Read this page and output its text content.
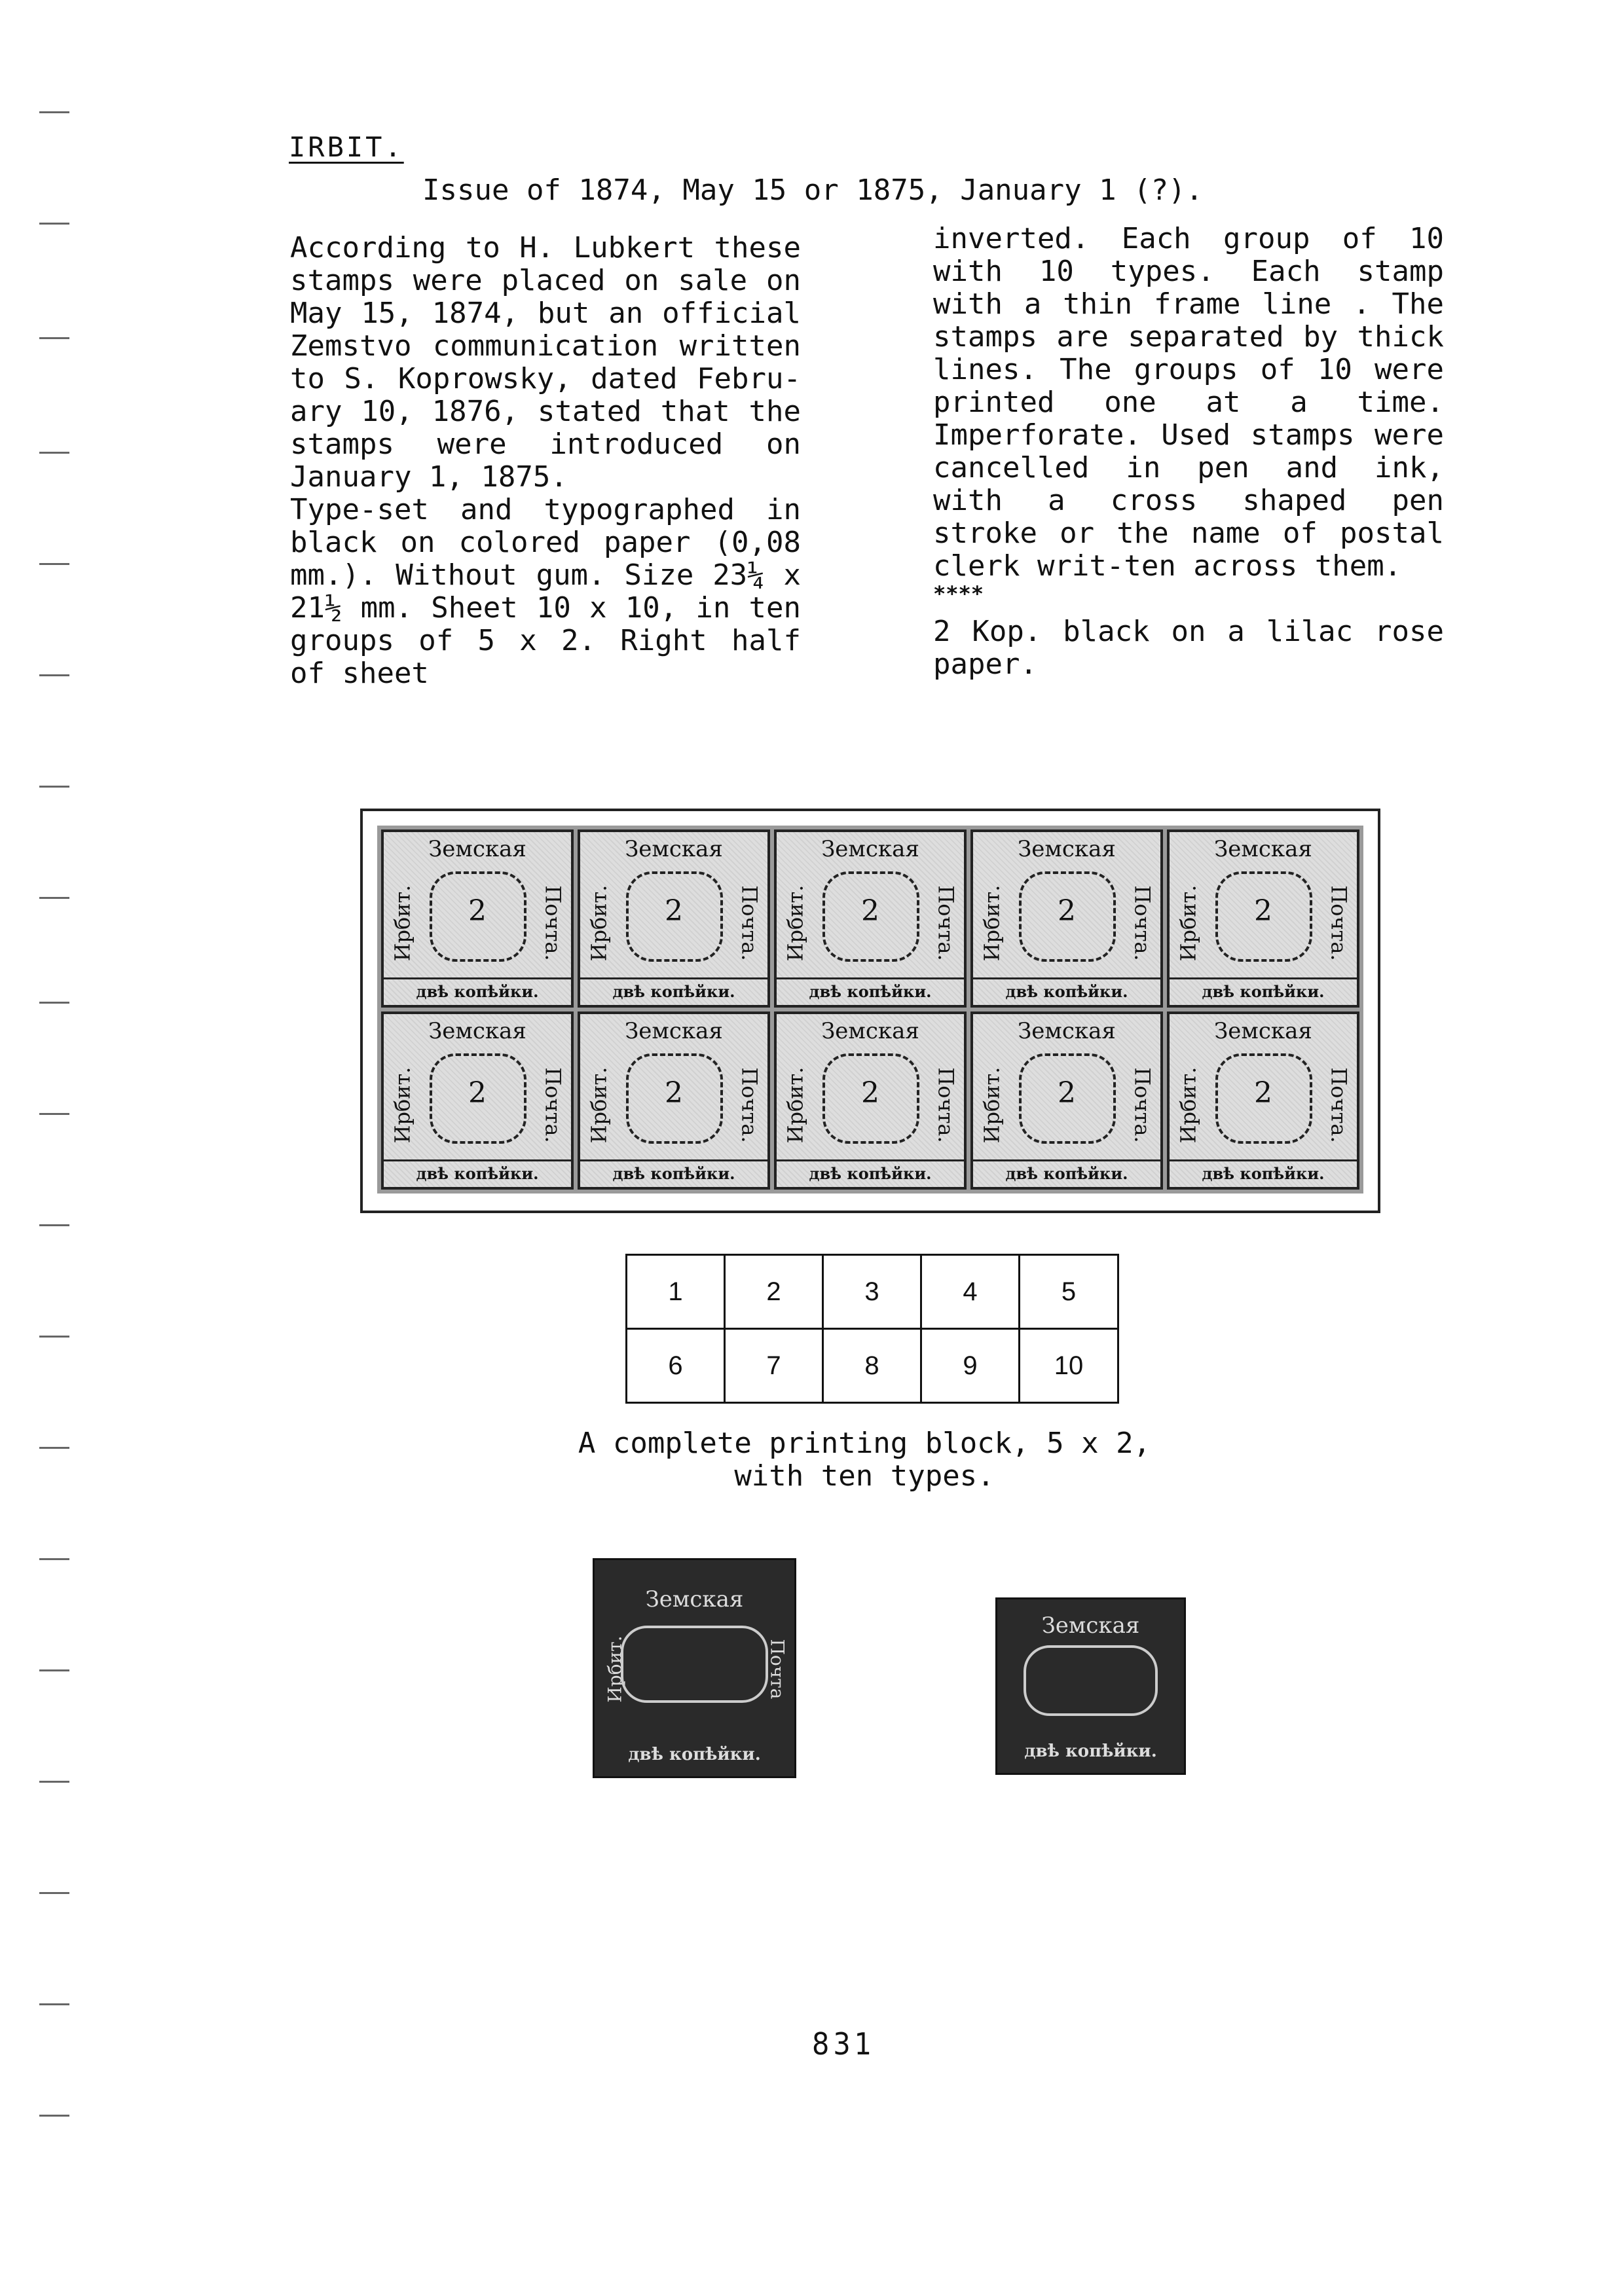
IRBIT.
Issue of 1874, May 15 or 1875, January 1 (?).

According to H. Lubkert these stamps were placed on sale on May 15, 1874, but an official Zemstvo communication written to S. Koprowsky, dated Febru-ary 10, 1876, stated that the stamps were introduced on January 1, 1875.

Type-set and typographed in black on colored paper (0,08 mm.). Without gum. Size 23¼ x 21½ mm. Sheet 10 x 10, in ten groups of 5 x 2. Right half of sheet

inverted. Each group of 10 with 10 types. Each stamp with a thin frame line . The stamps are separated by thick lines. The groups of 10 were printed one at a time. Imperforate. Used stamps were cancelled in pen and ink, with a cross shaped pen stroke or the name of postal clerk writ-ten across them.

****

2 Kop. black on a lilac rose paper.

Земская
Ирбит.	Почта.
2
двѣ копѣйки.
Земская
Ирбит.	Почта.
2
двѣ копѣйки.
Земская
Ирбит.	Почта.
2
двѣ копѣйки.
Земская
Ирбит.	Почта.
2
двѣ копѣйки.
Земская
Ирбит.	Почта.
2
двѣ копѣйки.
Земская
Ирбит.	Почта.
2
двѣ копѣйки.
Земская
Ирбит.	Почта.
2
двѣ копѣйки.
Земская
Ирбит.	Почта.
2
двѣ копѣйки.
Земская
Ирбит.	Почта.
2
двѣ копѣйки.
Земская
Ирбит.	Почта.
2
двѣ копѣйки.
1	2	3	4	5
6	7	8	9	10
A complete printing block, 5 x 2,
with ten types.
Земская
Ирбит.	Почта
двѣ копѣйки.
Земская
двѣ копѣйки.
831
